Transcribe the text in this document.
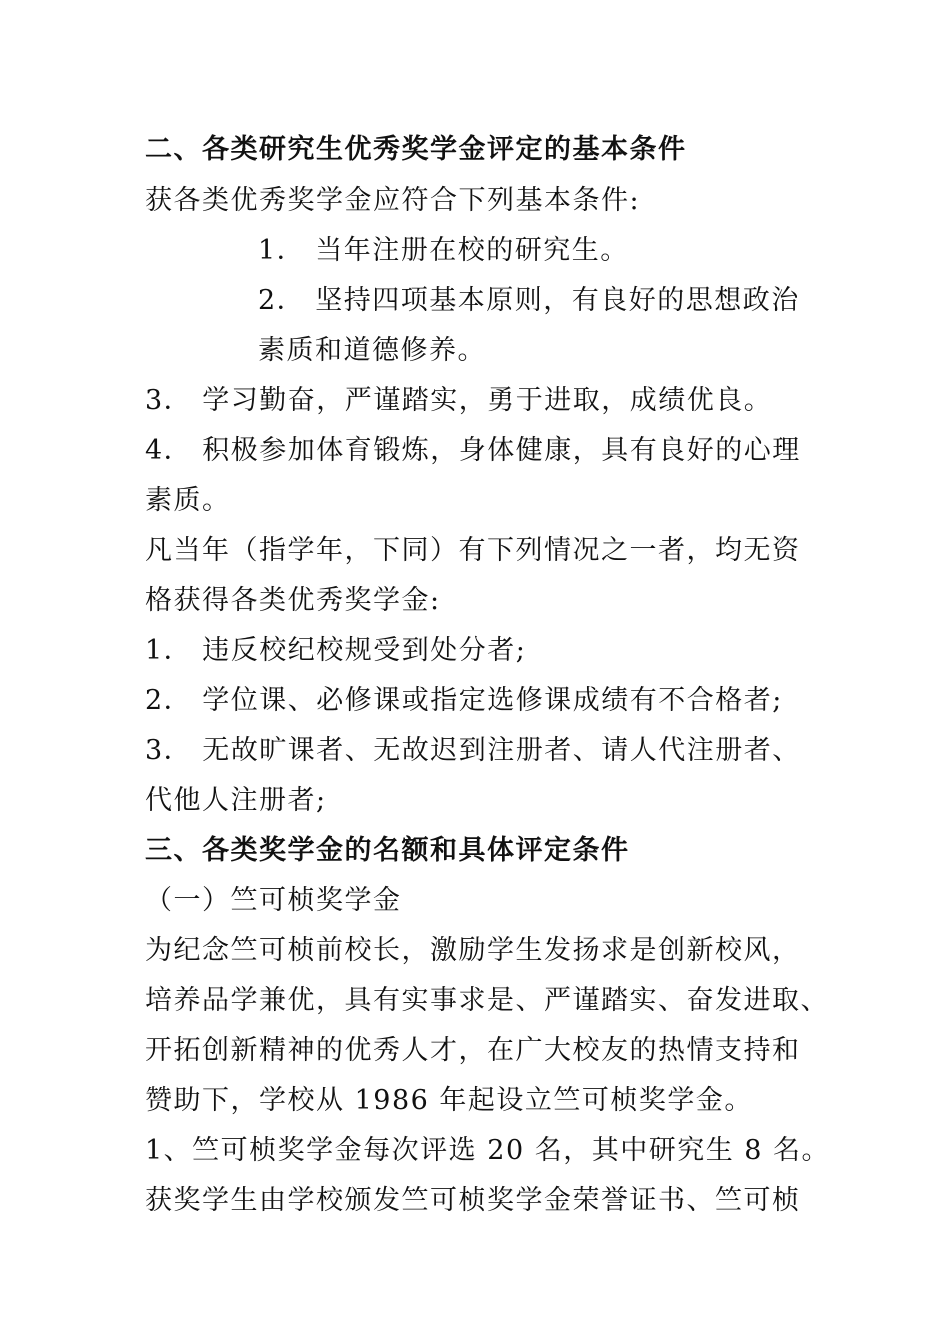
二、各类研究生优秀奖学金评定的基本条件
获各类优秀奖学金应符合下列基本条件:
1． 当年注册在校的研究生。
2． 坚持四项基本原则，有良好的思想政治
素质和道德修养。
3． 学习勤奋，严谨踏实，勇于进取，成绩优良。
4． 积极参加体育锻炼，身体健康，具有良好的心理
素质。
凡当年（指学年，下同）有下列情况之一者，均无资
格获得各类优秀奖学金:
1． 违反校纪校规受到处分者;
2． 学位课、必修课或指定选修课成绩有不合格者;
3． 无故旷课者、无故迟到注册者、请人代注册者、
代他人注册者;
三、各类奖学金的名额和具体评定条件
（一）竺可桢奖学金
为纪念竺可桢前校长，激励学生发扬求是创新校风，
培养品学兼优，具有实事求是、严谨踏实、奋发进取、
开拓创新精神的优秀人才，在广大校友的热情支持和
赞助下，学校从 1986 年起设立竺可桢奖学金。
1、竺可桢奖学金每次评选 20 名，其中研究生 8 名。
获奖学生由学校颁发竺可桢奖学金荣誉证书、竺可桢
